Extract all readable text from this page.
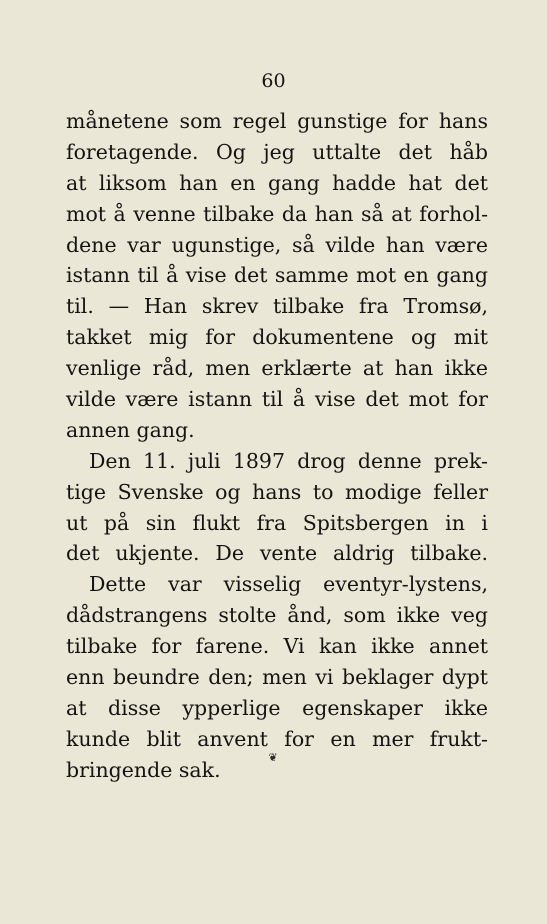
60
månetene som regel gunstige for hans
foretagende. Og jeg uttalte det håb
at liksom han en gang hadde hat det
mot å venne tilbake da han så at forhol-
dene var ugunstige, så vilde han være
istann til å vise det samme mot en gang
til. — Han skrev tilbake fra Tromsø,
takket mig for dokumentene og mit
venlige råd, men erklærte at han ikke
vilde være istann til å vise det mot for
annen gang.
Den 11. juli 1897 drog denne prek-
tige Svenske og hans to modige feller
ut på sin flukt fra Spitsbergen in i
det ukjente. De vente aldrig tilbake.
Dette var visselig eventyr-lystens,
dådstrangens stolte ånd, som ikke veg
tilbake for farene. Vi kan ikke annet
enn beundre den; men vi beklager dypt
at disse ypperlige egenskaper ikke
kunde blit anvent for en mer frukt-
bringende sak.
❦
